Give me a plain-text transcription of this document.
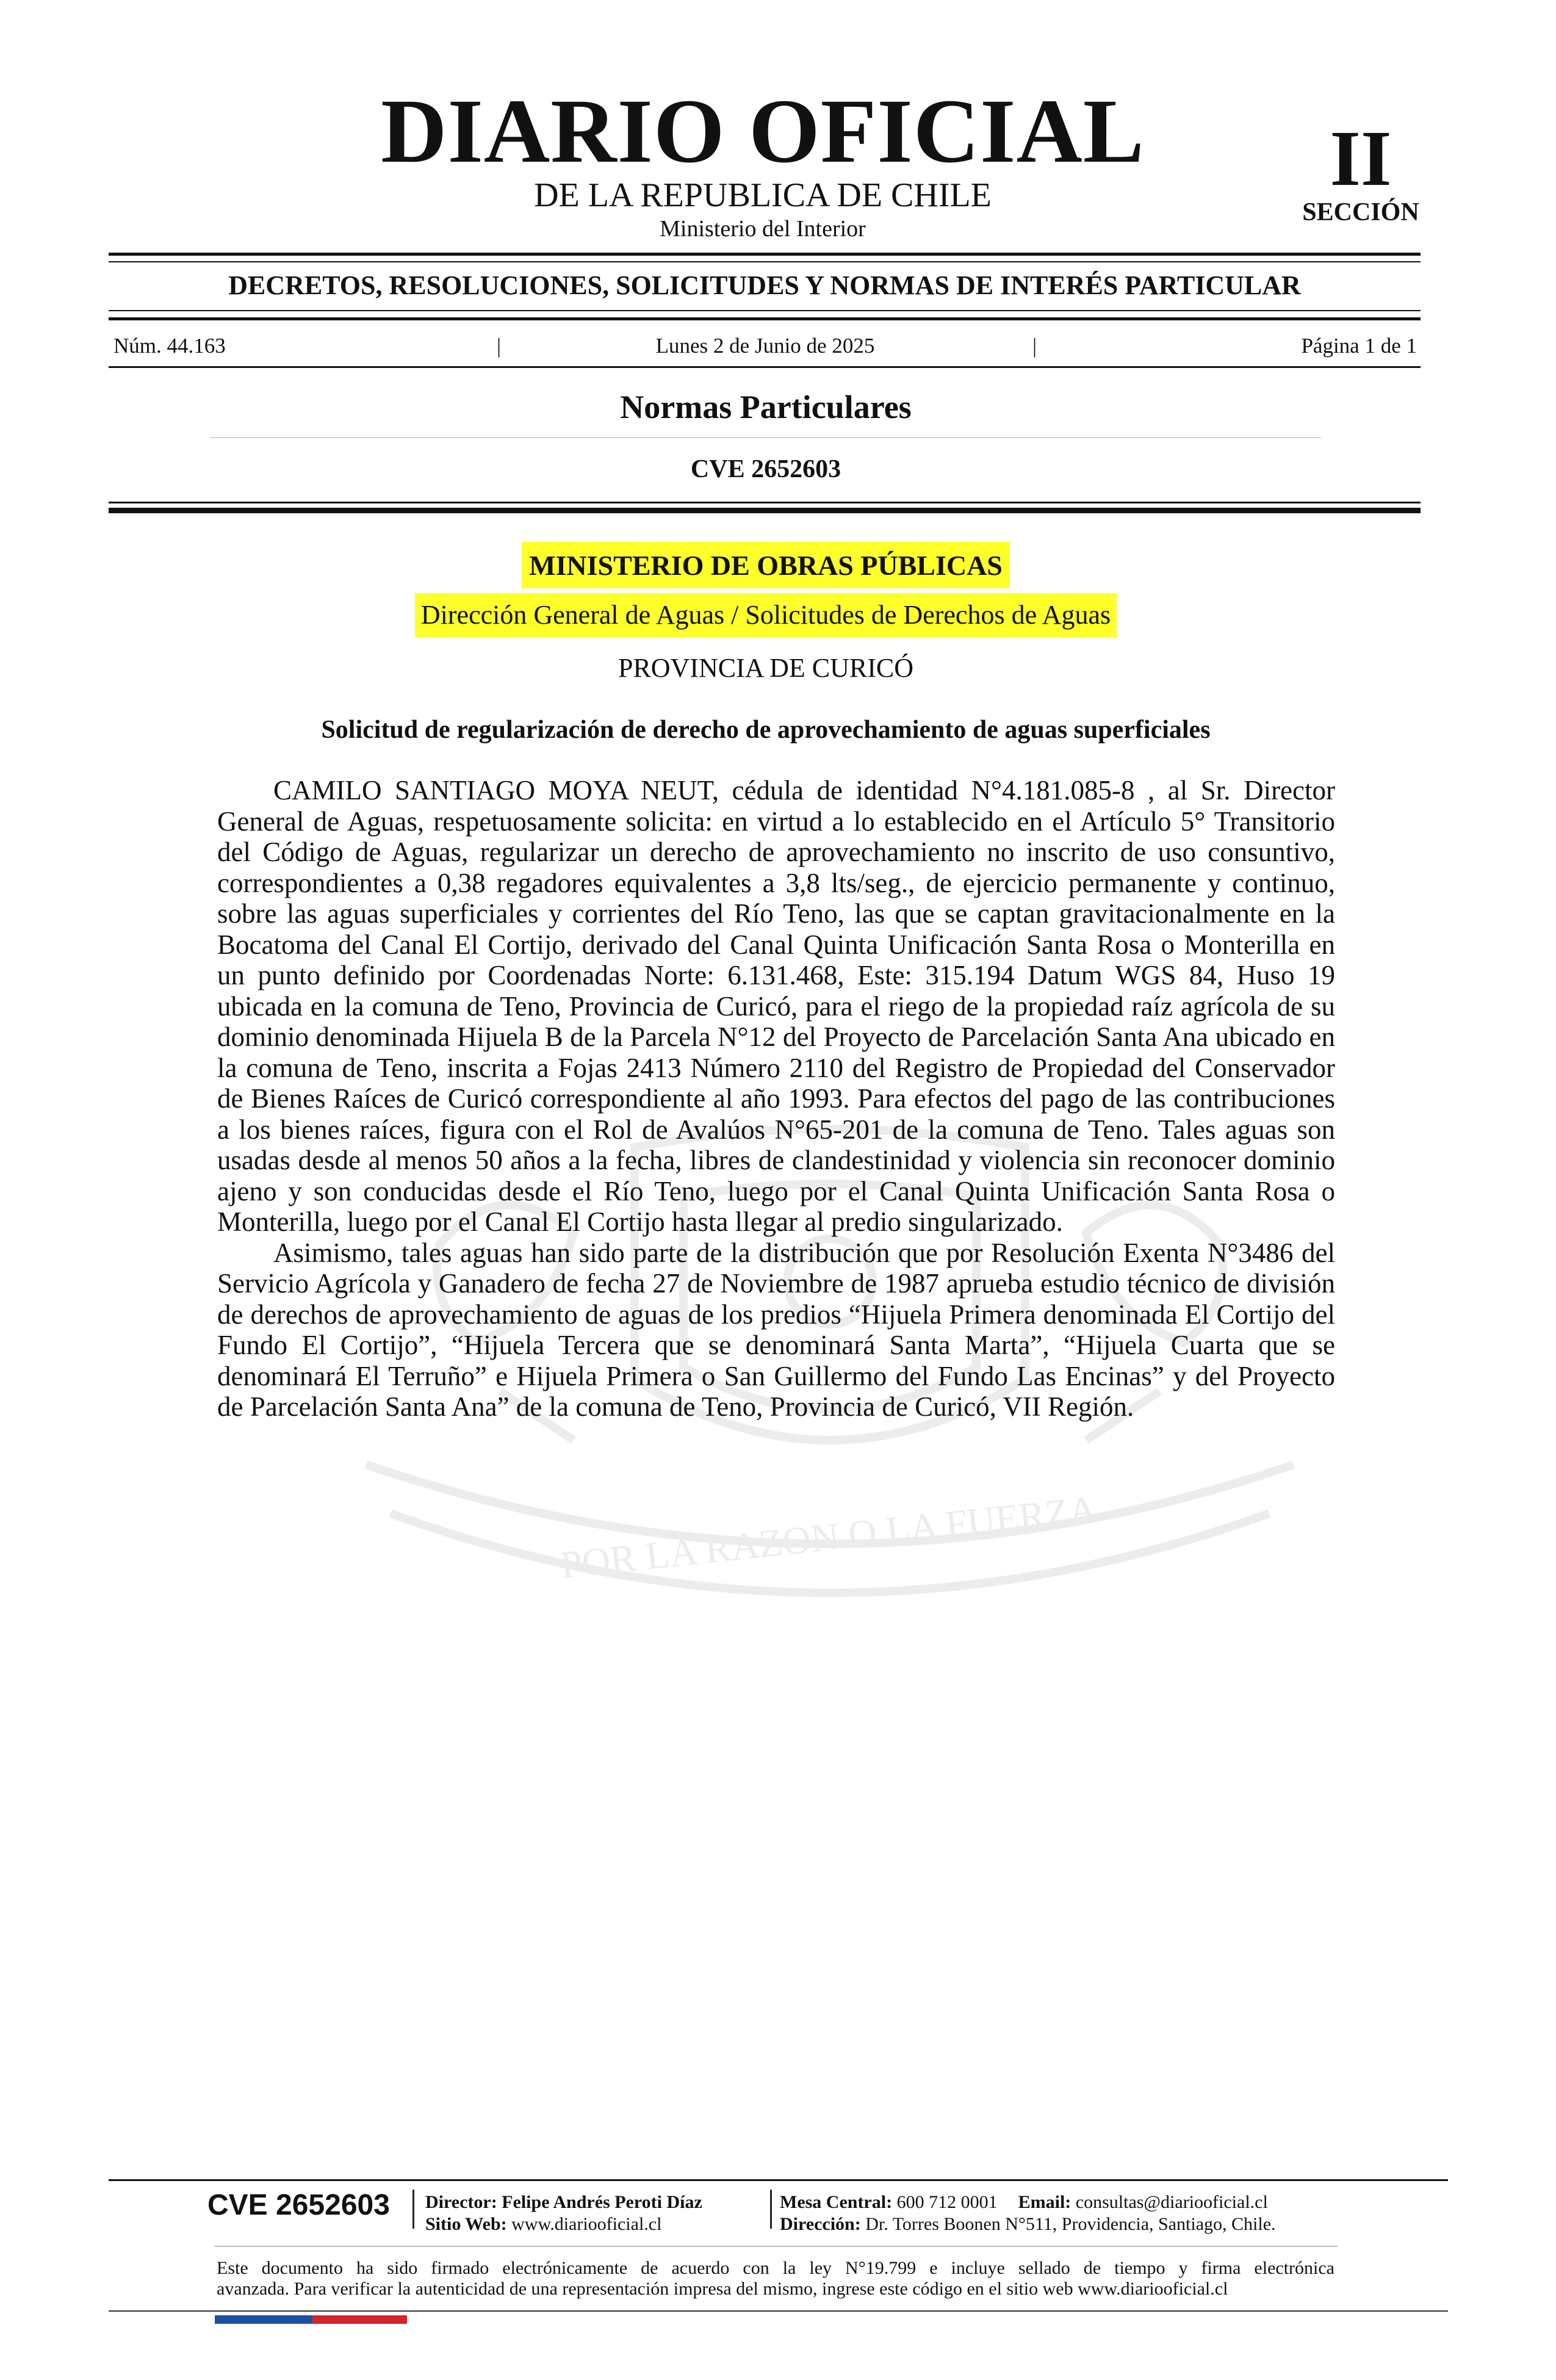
POR LA RAZON O LA FUERZA
DIARIO OFICIAL
DE LA REPUBLICA DE CHILE
Ministerio del Interior
II
SECCIÓN
DECRETOS, RESOLUCIONES, SOLICITUDES Y NORMAS DE INTERÉS PARTICULAR
Núm. 44.163	|	Lunes 2 de Junio de 2025	|	Página 1 de 1
Normas Particulares
CVE 2652603
MINISTERIO DE OBRAS PÚBLICAS
Dirección General de Aguas / Solicitudes de Derechos de Aguas
PROVINCIA DE CURICÓ
Solicitud de regularización de derecho de aprovechamiento de aguas superficiales

CAMILO SANTIAGO MOYA NEUT, cédula de identidad N°4.181.085-8 , al Sr. Director General de Aguas, respetuosamente solicita: en virtud a lo establecido en el Artículo 5° Transitorio del Código de Aguas, regularizar un derecho de aprovechamiento no inscrito de uso consuntivo, correspondientes a 0,38 regadores equivalentes a 3,8 lts/seg., de ejercicio permanente y continuo, sobre las aguas superficiales y corrientes del Río Teno, las que se captan gravitacionalmente en la Bocatoma del Canal El Cortijo, derivado del Canal Quinta Unificación Santa Rosa o Monterilla en un punto definido por Coordenadas Norte: 6.131.468, Este: 315.194 Datum WGS 84, Huso 19 ubicada en la comuna de Teno, Provincia de Curicó, para el riego de la propiedad raíz agrícola de su dominio denominada Hijuela B de la Parcela N°12 del Proyecto de Parcelación Santa Ana ubicado en la comuna de Teno, inscrita a Fojas 2413 Número 2110 del Registro de Propiedad del Conservador de Bienes Raíces de Curicó correspondiente al año 1993. Para efectos del pago de las contribuciones a los bienes raíces, figura con el Rol de Avalúos N°65-201 de la comuna de Teno. Tales aguas son usadas desde al menos 50 años a la fecha, libres de clandestinidad y violencia sin reconocer dominio ajeno y son conducidas desde el Río Teno, luego por el Canal Quinta Unificación Santa Rosa o Monterilla, luego por el Canal El Cortijo hasta llegar al predio singularizado.

Asimismo, tales aguas han sido parte de la distribución que por Resolución Exenta N°3486 del Servicio Agrícola y Ganadero de fecha 27 de Noviembre de 1987 aprueba estudio técnico de división de derechos de aprovechamiento de aguas de los predios “Hijuela Primera denominada El Cortijo del Fundo El Cortijo”, “Hijuela Tercera que se denominará Santa Marta”, “Hijuela Cuarta que se denominará El Terruño” e Hijuela Primera o San Guillermo del Fundo Las Encinas” y del Proyecto de Parcelación Santa Ana” de la comuna de Teno, Provincia de Curicó, VII Región.

CVE 2652603 Director: Felipe Andrés Peroti Díaz
Sitio Web: www.diariooficial.cl
Mesa Central: 600 712 0001 Email: consultas@diariooficial.cl
Dirección: Dr. Torres Boonen N°511, Providencia, Santiago, Chile.
Este documento ha sido firmado electrónicamente de acuerdo con la ley N°19.799 e incluye sellado de tiempo y firma electrónica
avanzada. Para verificar la autenticidad de una representación impresa del mismo, ingrese este código en el sitio web www.diariooficial.cl
